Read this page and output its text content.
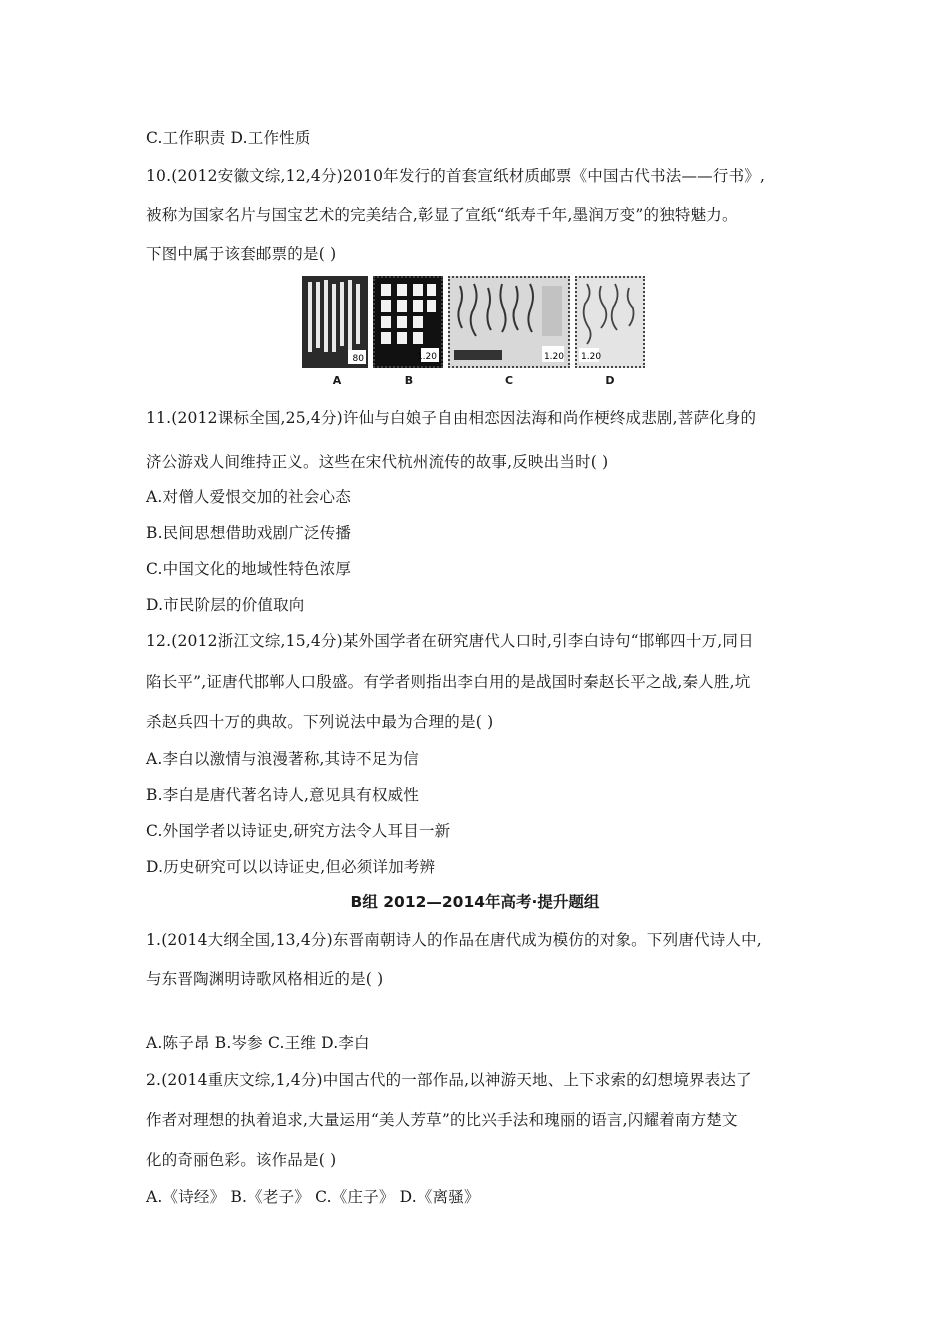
C.工作职责 D.工作性质
10.(2012安徽文综,12,4分)2010年发行的首套宣纸材质邮票《中国古代书法——行书》,
被称为国家名片与国宝艺术的完美结合,彰显了宣纸“纸寿千年,墨润万变”的独特魅力。
下图中属于该套邮票的是( )
80	1.20	1.20 1.20
A	B	C	D
11.(2012课标全国,25,4分)许仙与白娘子自由相恋因法海和尚作梗终成悲剧,菩萨化身的
济公游戏人间维持正义。这些在宋代杭州流传的故事,反映出当时( )
A.对僧人爱恨交加的社会心态
B.民间思想借助戏剧广泛传播
C.中国文化的地域性特色浓厚
D.市民阶层的价值取向
12.(2012浙江文综,15,4分)某外国学者在研究唐代人口时,引李白诗句“邯郸四十万,同日
陷长平”,证唐代邯郸人口殷盛。有学者则指出李白用的是战国时秦赵长平之战,秦人胜,坑
杀赵兵四十万的典故。下列说法中最为合理的是( )
A.李白以激情与浪漫著称,其诗不足为信
B.李白是唐代著名诗人,意见具有权威性
C.外国学者以诗证史,研究方法令人耳目一新
D.历史研究可以以诗证史,但必须详加考辨
B组 2012—2014年高考·提升题组
1.(2014大纲全国,13,4分)东晋南朝诗人的作品在唐代成为模仿的对象。下列唐代诗人中,
与东晋陶渊明诗歌风格相近的是( )
A.陈子昂 B.岑参 C.王维 D.李白
2.(2014重庆文综,1,4分)中国古代的一部作品,以神游天地、上下求索的幻想境界表达了
作者对理想的执着追求,大量运用“美人芳草”的比兴手法和瑰丽的语言,闪耀着南方楚文
化的奇丽色彩。该作品是( )
A.《诗经》 B.《老子》 C.《庄子》 D.《离骚》
